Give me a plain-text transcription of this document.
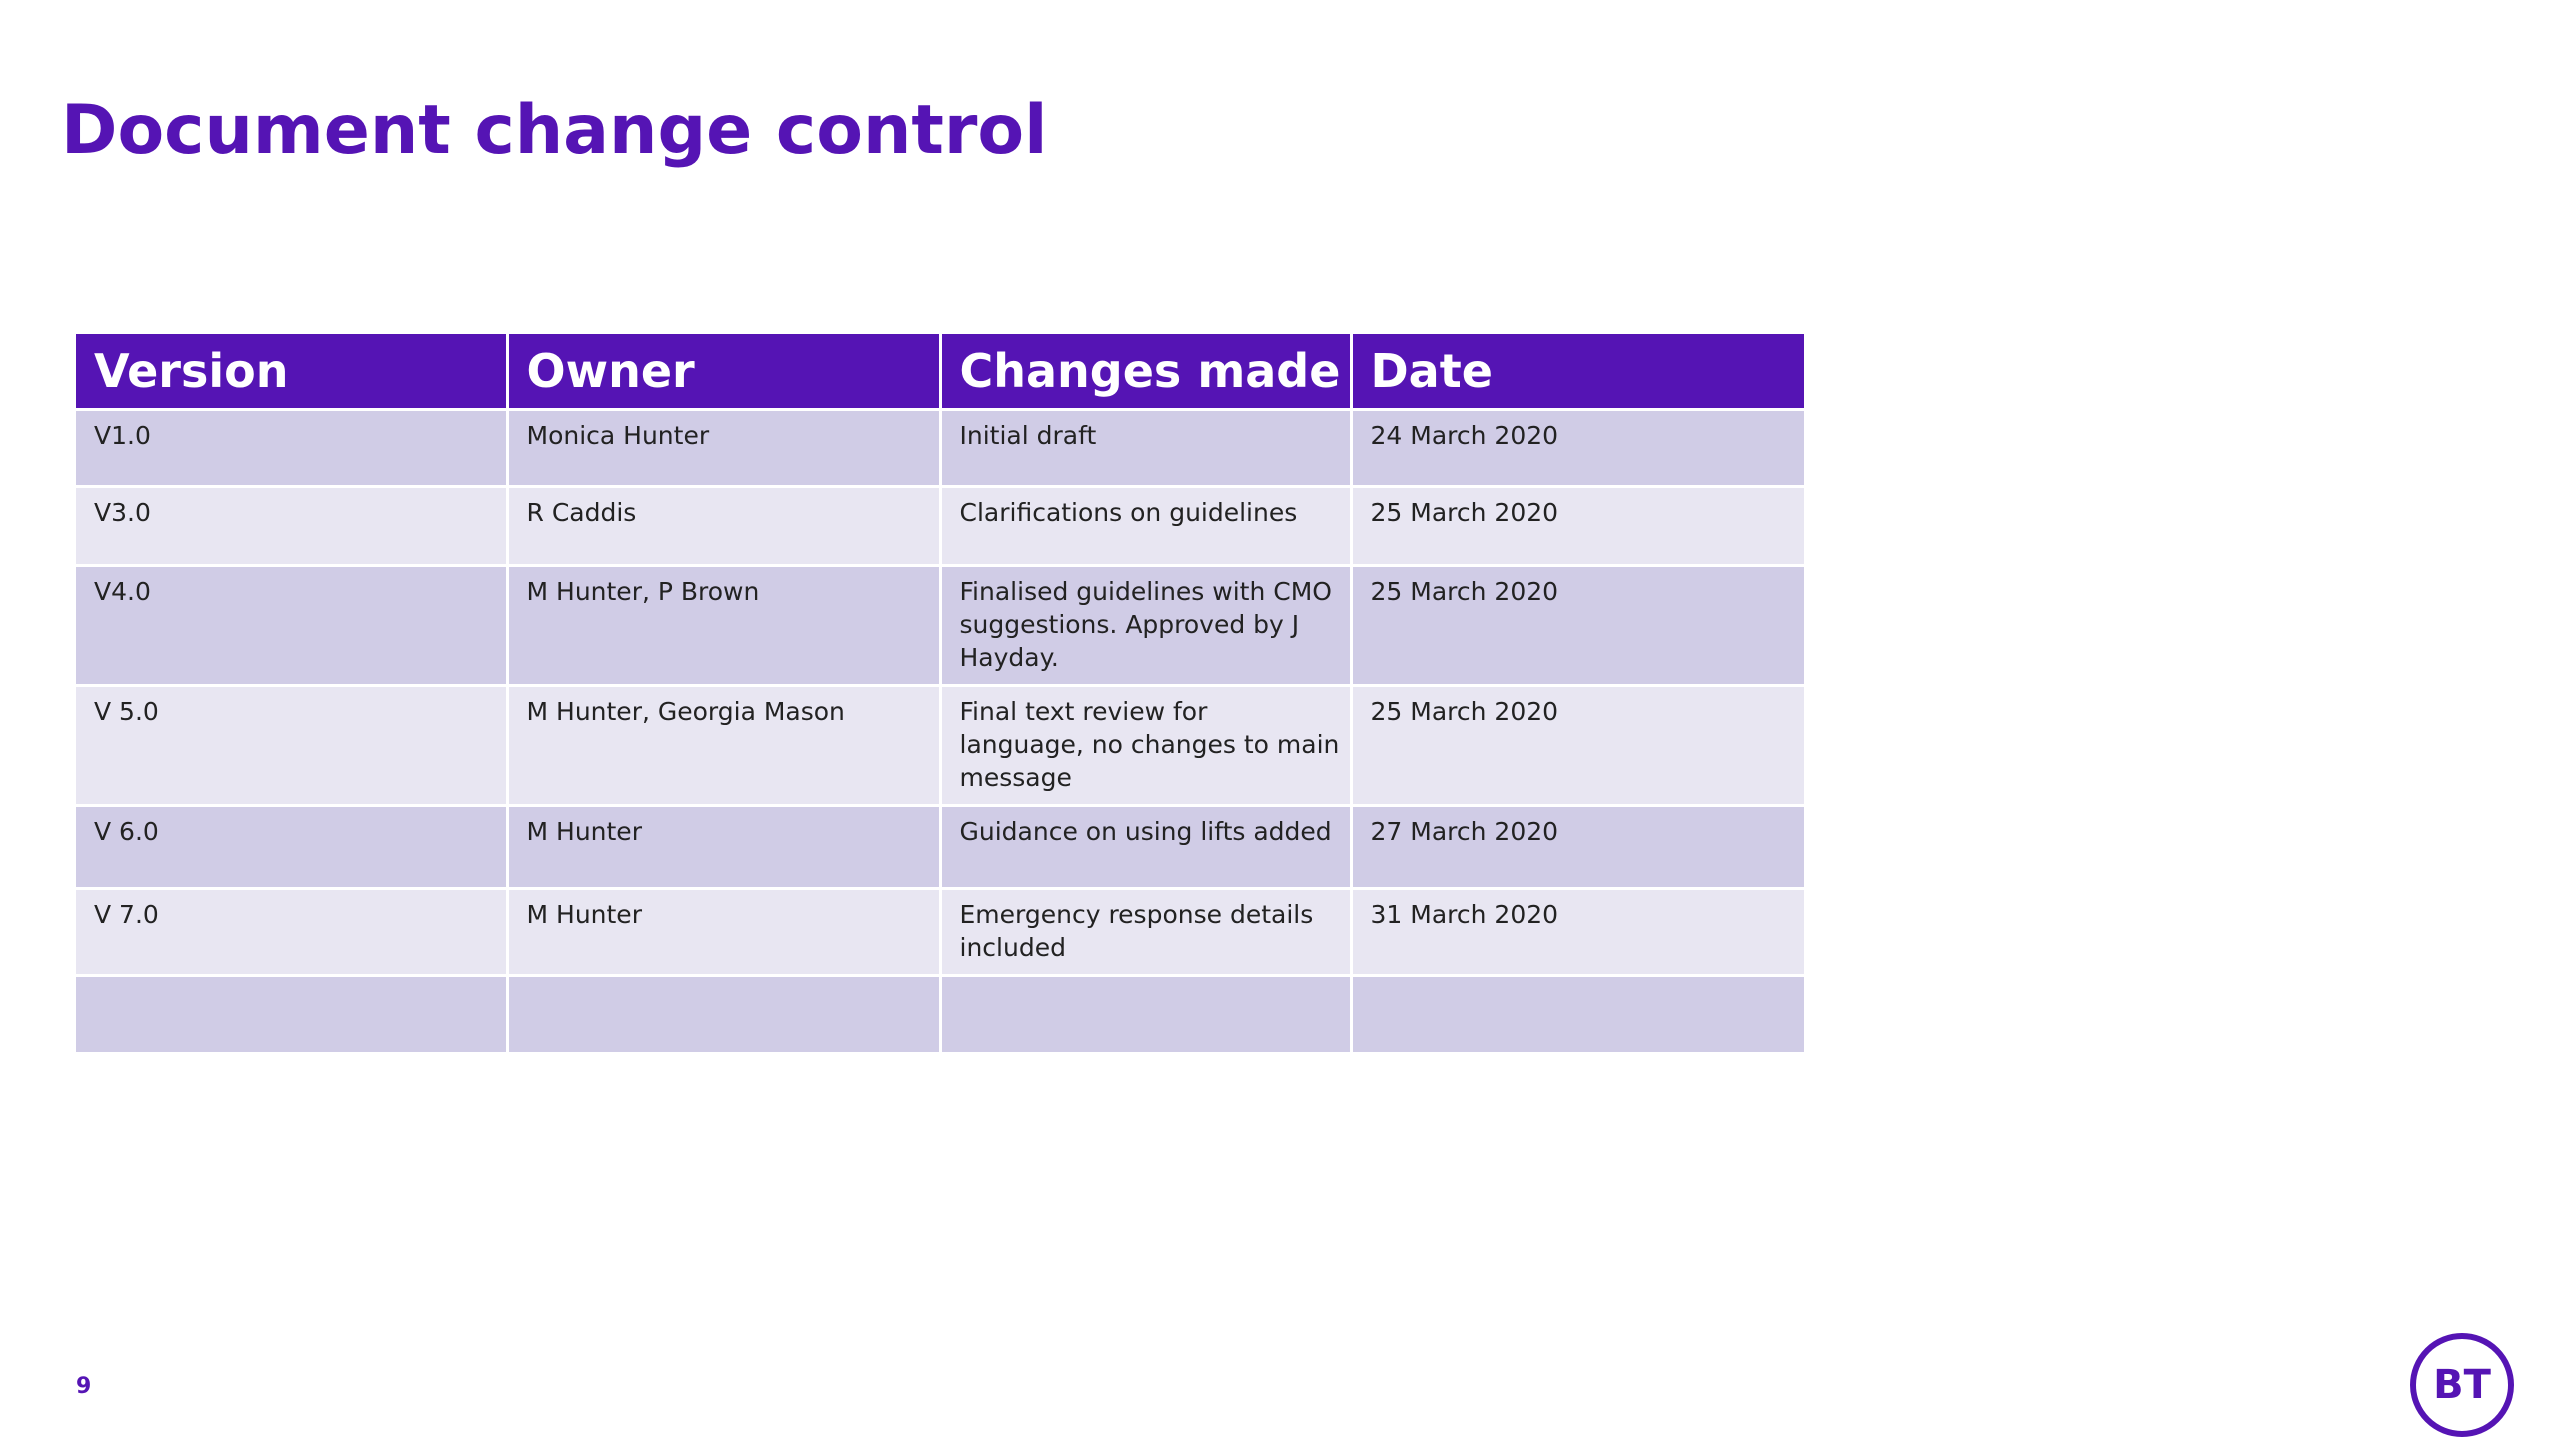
Document change control
Version	Owner	Changes made	Date
V1.0	Monica Hunter	Initial draft	24 March 2020
V3.0	R Caddis	Clarifications on guidelines	25 March 2020
V4.0	M Hunter, P Brown	Finalised guidelines with CMO suggestions. Approved by J Hayday.	25 March 2020
V 5.0	M Hunter, Georgia Mason	Final text review for language, no changes to main message	25 March 2020
V 6.0	M Hunter	Guidance on using lifts added	27 March 2020
V 7.0	M Hunter	Emergency response details included	31 March 2020

9	BT
